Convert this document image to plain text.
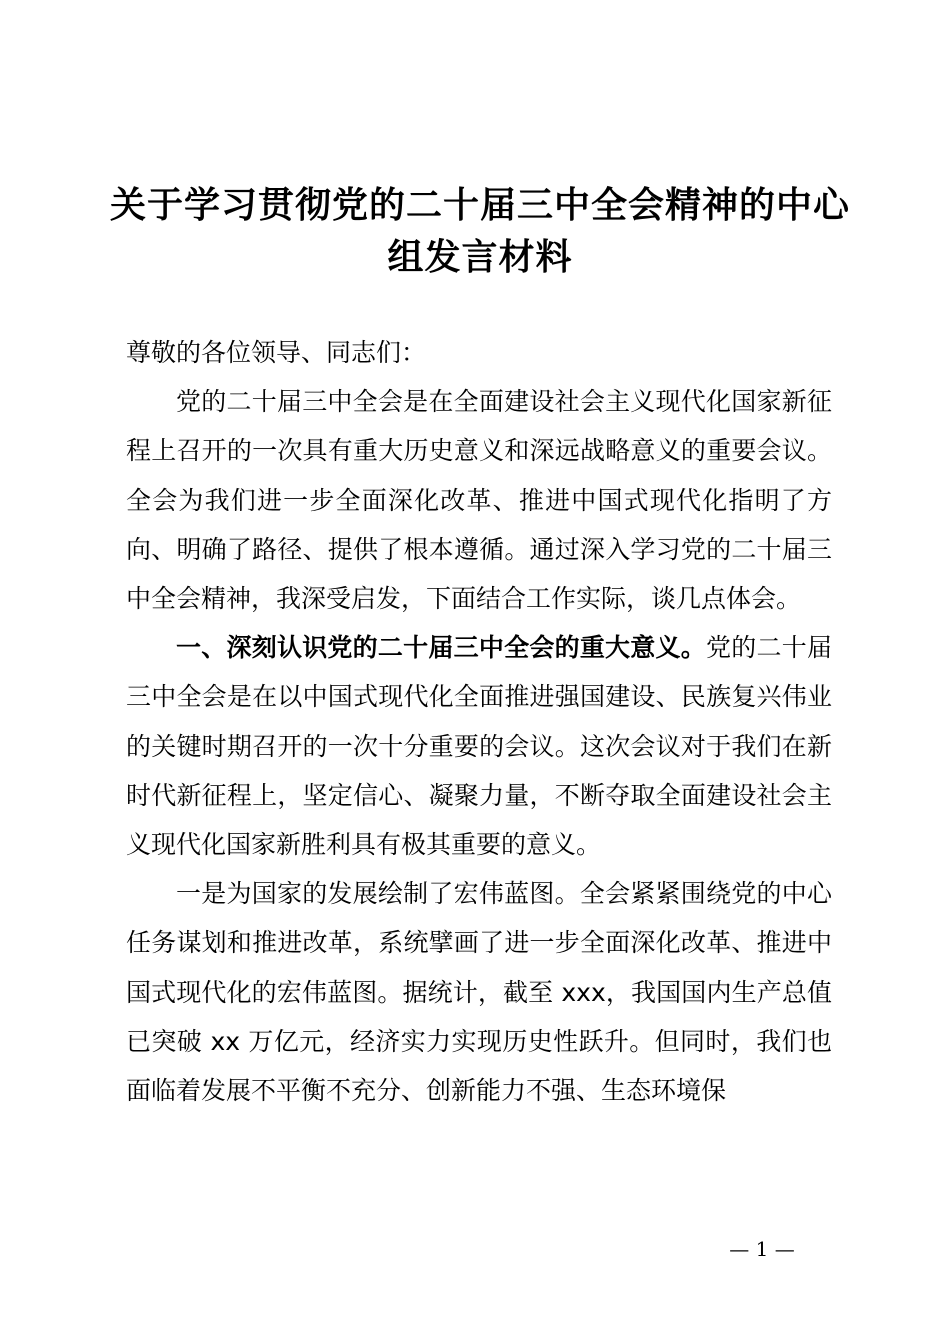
关于学习贯彻党的二十届三中全会精神的中心
组发言材料

尊敬的各位领导、同志们：

党的二十届三中全会是在全面建设社会主义现代化国家新征程上召开的一次具有重大历史意义和深远战略意义的重要会议。全会为我们进一步全面深化改革、推进中国式现代化指明了方向、明确了路径、提供了根本遵循。通过深入学习党的二十届三中全会精神，我深受启发，下面结合工作实际，谈几点体会。

一、深刻认识党的二十届三中全会的重大意义。党的二十届三中全会是在以中国式现代化全面推进强国建设、民族复兴伟业的关键时期召开的一次十分重要的会议。这次会议对于我们在新时代新征程上，坚定信心、凝聚力量，不断夺取全面建设社会主义现代化国家新胜利具有极其重要的意义。

一是为国家的发展绘制了宏伟蓝图。全会紧紧围绕党的中心任务谋划和推进改革，系统擘画了进一步全面深化改革、推进中国式现代化的宏伟蓝图。据统计，截至 xxx，我国国内生产总值已突破 xx 万亿元，经济实力实现历史性跃升。但同时，我们也面临着发展不平衡不充分、创新能力不强、生态环境保

— 1 —
